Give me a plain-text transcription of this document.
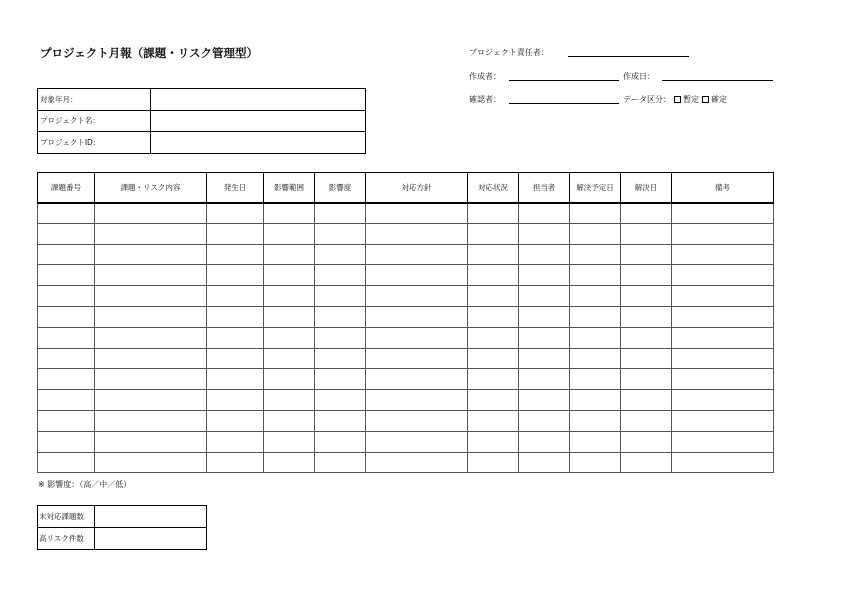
プロジェクト月報（課題・リスク管理型）	プロジェクト責任者：
作成者：	作成日：
確認者：	データ区分： 暫定 確定
対象年月：	
プロジェクト名：	
プロジェクトID：	
課題番号	課題・リスク内容	発生日	影響範囲	影響度	対応方針	対応状況	担当者	解決予定日	解決日	備考

※ 影響度：（高／中／低）
未対応課題数	
高リスク件数	
